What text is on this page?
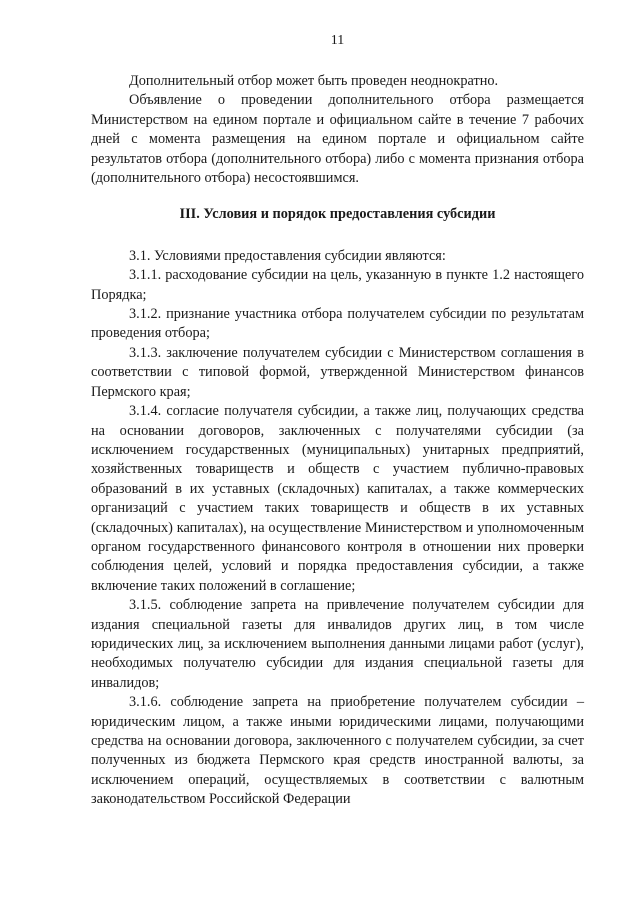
11

Дополнительный отбор может быть проведен неоднократно.

Объявление о проведении дополнительного отбора размещается Министерством на едином портале и официальном сайте в течение 7 рабочих дней с момента размещения на едином портале и официальном сайте результатов отбора (дополнительного отбора) либо с момента признания отбора (дополнительного отбора) несостоявшимся.

III. Условия и порядок предоставления субсидии

3.1. Условиями предоставления субсидии являются:

3.1.1. расходование субсидии на цель, указанную в пункте 1.2 настоящего Порядка;

3.1.2. признание участника отбора получателем субсидии по результатам проведения отбора;

3.1.3. заключение получателем субсидии с Министерством соглашения в соответствии с типовой формой, утвержденной Министерством финансов Пермского края;

3.1.4. согласие получателя субсидии, а также лиц, получающих средства на основании договоров, заключенных с получателями субсидии (за исключением государственных (муниципальных) унитарных предприятий, хозяйственных товариществ и обществ с участием публично-правовых образований в их уставных (складочных) капиталах, а также коммерческих организаций с участием таких товариществ и обществ в их уставных (складочных) капиталах), на осуществление Министерством и уполномоченным органом государственного финансового контроля в отношении них проверки соблюдения целей, условий и порядка предоставления субсидии, а также включение таких положений в соглашение;

3.1.5. соблюдение запрета на привлечение получателем субсидии для издания специальной газеты для инвалидов других лиц, в том числе юридических лиц, за исключением выполнения данными лицами работ (услуг), необходимых получателю субсидии для издания специальной газеты для инвалидов;

3.1.6. соблюдение запрета на приобретение получателем субсидии – юридическим лицом, а также иными юридическими лицами, получающими средства на основании договора, заключенного с получателем субсидии, за счет полученных из бюджета Пермского края средств иностранной валюты, за исключением операций, осуществляемых в соответствии с валютным законодательством Российской Федерации
